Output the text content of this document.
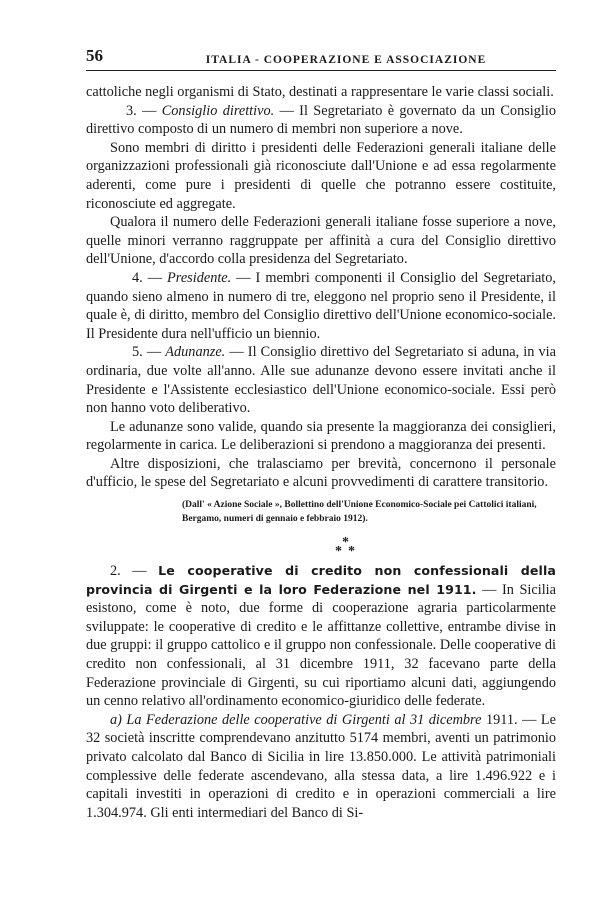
56	ITALIA - COOPERAZIONE E ASSOCIAZIONE

cattoliche negli organismi di Stato, destinati a rappresentare le varie classi sociali.

3. — Consiglio direttivo. — Il Segretariato è governato da un Consiglio direttivo composto di un numero di membri non superiore a nove.

Sono membri di diritto i presidenti delle Federazioni generali italiane delle organizzazioni professionali già riconosciute dall'Unione e ad essa regolarmente aderenti, come pure i presidenti di quelle che potranno essere costituite, riconosciute ed aggregate.

Qualora il numero delle Federazioni generali italiane fosse superiore a nove, quelle minori verranno raggruppate per affinità a cura del Consiglio direttivo dell'Unione, d'accordo colla presidenza del Segretariato.

4. — Presidente. — I membri componenti il Consiglio del Segretariato, quando sieno almeno in numero di tre, eleggono nel proprio seno il Presidente, il quale è, di diritto, membro del Consiglio direttivo dell'Unione economico-sociale. Il Presidente dura nell'ufficio un biennio.

5. — Adunanze. — Il Consiglio direttivo del Segretariato si aduna, in via ordinaria, due volte all'anno. Alle sue adunanze devono essere invitati anche il Presidente e l'Assistente ecclesiastico dell'Unione economico-sociale. Essi però non hanno voto deliberativo.

Le adunanze sono valide, quando sia presente la maggioranza dei consiglieri, regolarmente in carica. Le deliberazioni si prendono a maggioranza dei presenti.

Altre disposizioni, che tralasciamo per brevità, concernono il personale d'ufficio, le spese del Segretariato e alcuni provvedimenti di carattere transitorio.

(Dall' « Azione Sociale », Bollettino dell'Unione Economico-Sociale pei Cattolici italiani,
Bergamo, numeri di gennaio e febbraio 1912).
*
* *

2. — Le cooperative di credito non confessionali della provincia di Girgenti e la loro Federazione nel 1911. — In Sicilia esistono, come è noto, due forme di cooperazione agraria particolarmente sviluppate: le cooperative di credito e le affittanze collettive, entrambe divise in due gruppi: il gruppo cattolico e il gruppo non confessionale. Delle cooperative di credito non confessionali, al 31 dicembre 1911, 32 facevano parte della Federazione provinciale di Girgenti, su cui riportiamo alcuni dati, aggiungendo un cenno relativo all'ordinamento economico-giuridico delle federate.

a) La Federazione delle cooperative di Girgenti al 31 dicembre 1911. — Le 32 società inscritte comprendevano anzitutto 5174 membri, aventi un patrimonio privato calcolato dal Banco di Sicilia in lire 13.850.000. Le attività patrimoniali complessive delle federate ascendevano, alla stessa data, a lire 1.496.922 e i capitali investiti in operazioni di credito e in operazioni commerciali a lire 1.304.974. Gli enti intermediari del Banco di Si-
